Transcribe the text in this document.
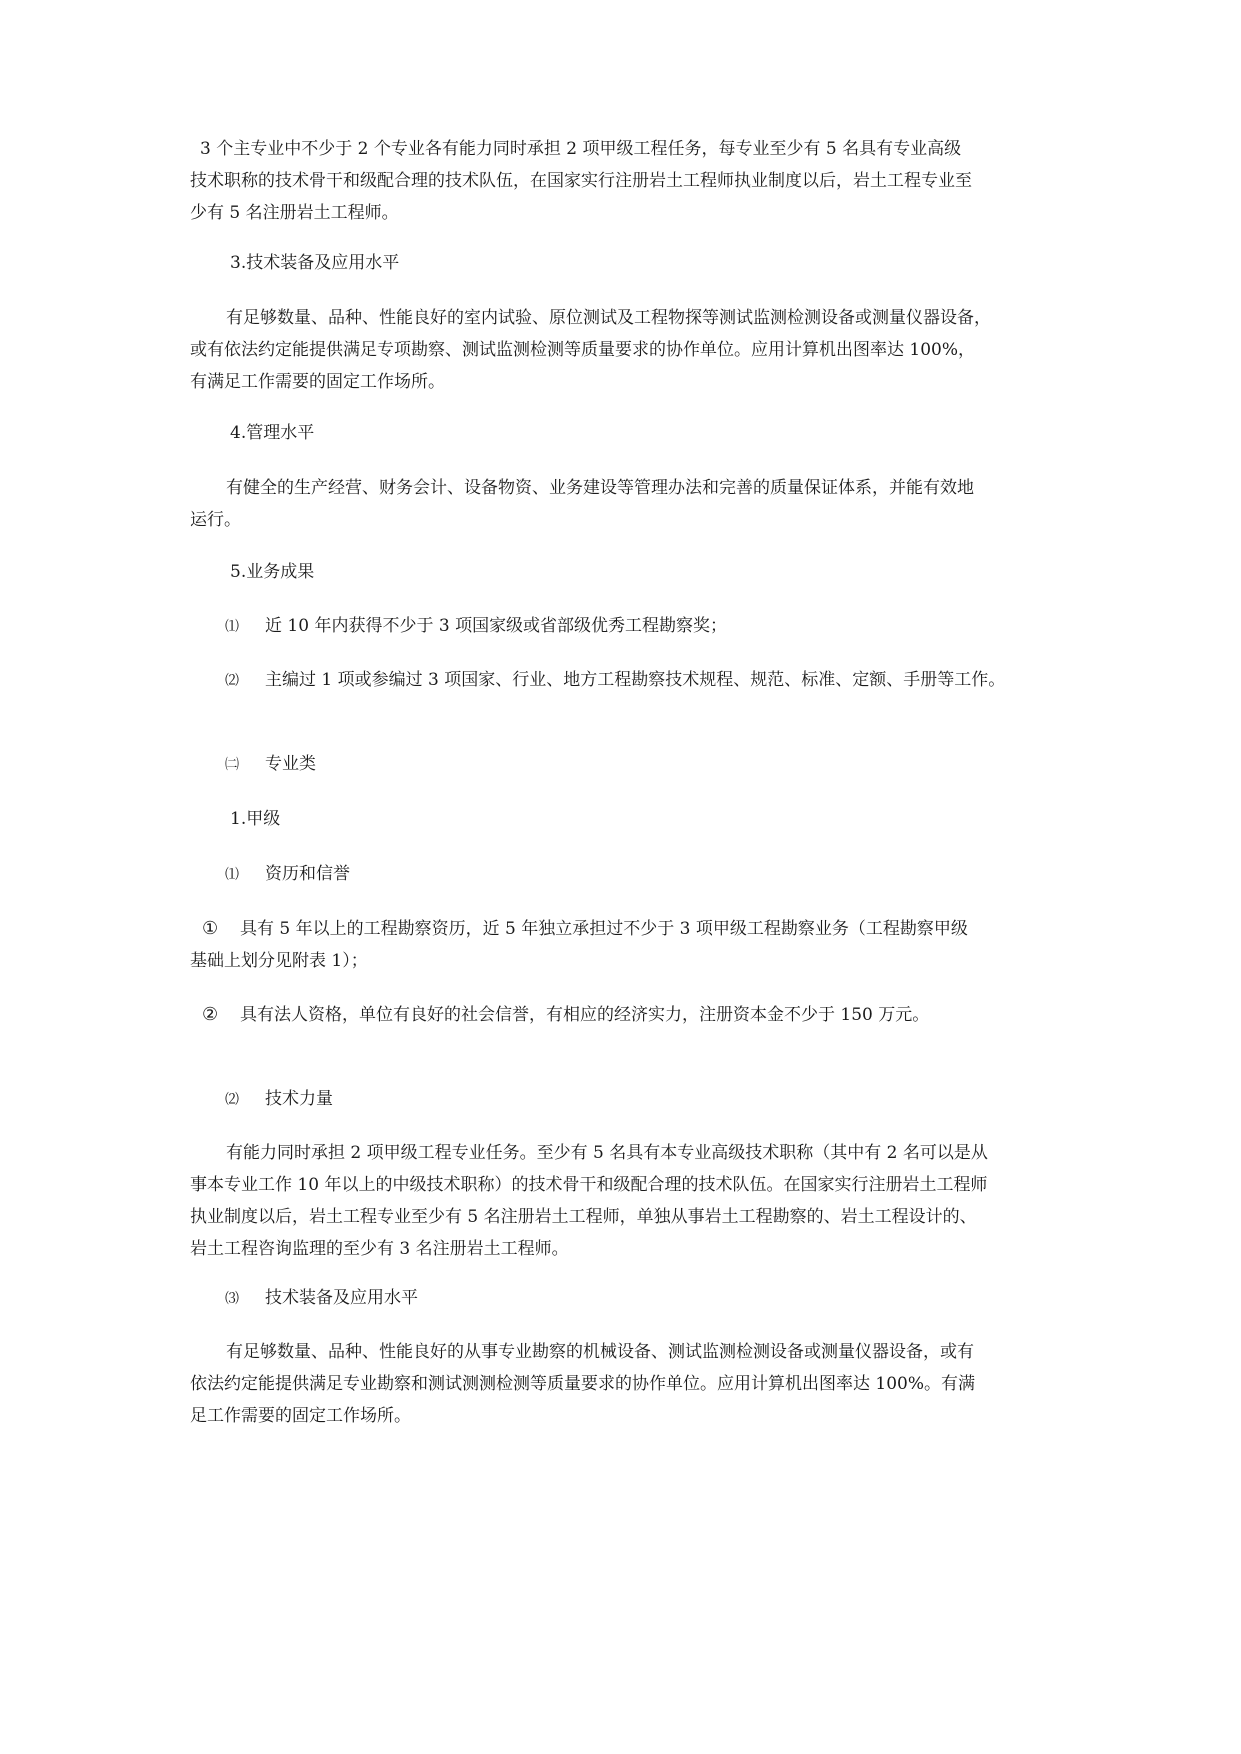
3 个主专业中不少于 2 个专业各有能力同时承担 2 项甲级工程任务，每专业至少有 5 名具有专业高级
技术职称的技术骨干和级配合理的技术队伍，在国家实行注册岩土工程师执业制度以后，岩土工程专业至
少有 5 名注册岩土工程师。
3.技术装备及应用水平
有足够数量、品种、性能良好的室内试验、原位测试及工程物探等测试监测检测设备或测量仪器设备，
或有依法约定能提供满足专项勘察、测试监测检测等质量要求的协作单位。应用计算机出图率达 100%，
有满足工作需要的固定工作场所。
4.管理水平
有健全的生产经营、财务会计、设备物资、业务建设等管理办法和完善的质量保证体系，并能有效地
运行。
5.业务成果
⑴ 近 10 年内获得不少于 3 项国家级或省部级优秀工程勘察奖；
⑵ 主编过 1 项或参编过 3 项国家、行业、地方工程勘察技术规程、规范、标准、定额、手册等工作。
㈡ 专业类
1.甲级
⑴ 资历和信誉
① 具有 5 年以上的工程勘察资历，近 5 年独立承担过不少于 3 项甲级工程勘察业务（工程勘察甲级
基础上划分见附表 1）；
② 具有法人资格，单位有良好的社会信誉，有相应的经济实力，注册资本金不少于 150 万元。
⑵ 技术力量
有能力同时承担 2 项甲级工程专业任务。至少有 5 名具有本专业高级技术职称（其中有 2 名可以是从
事本专业工作 10 年以上的中级技术职称）的技术骨干和级配合理的技术队伍。在国家实行注册岩土工程师
执业制度以后，岩土工程专业至少有 5 名注册岩土工程师，单独从事岩土工程勘察的、岩土工程设计的、
岩土工程咨询监理的至少有 3 名注册岩土工程师。
⑶ 技术装备及应用水平
有足够数量、品种、性能良好的从事专业勘察的机械设备、测试监测检测设备或测量仪器设备，或有
依法约定能提供满足专业勘察和测试测测检测等质量要求的协作单位。应用计算机出图率达 100%。有满
足工作需要的固定工作场所。
